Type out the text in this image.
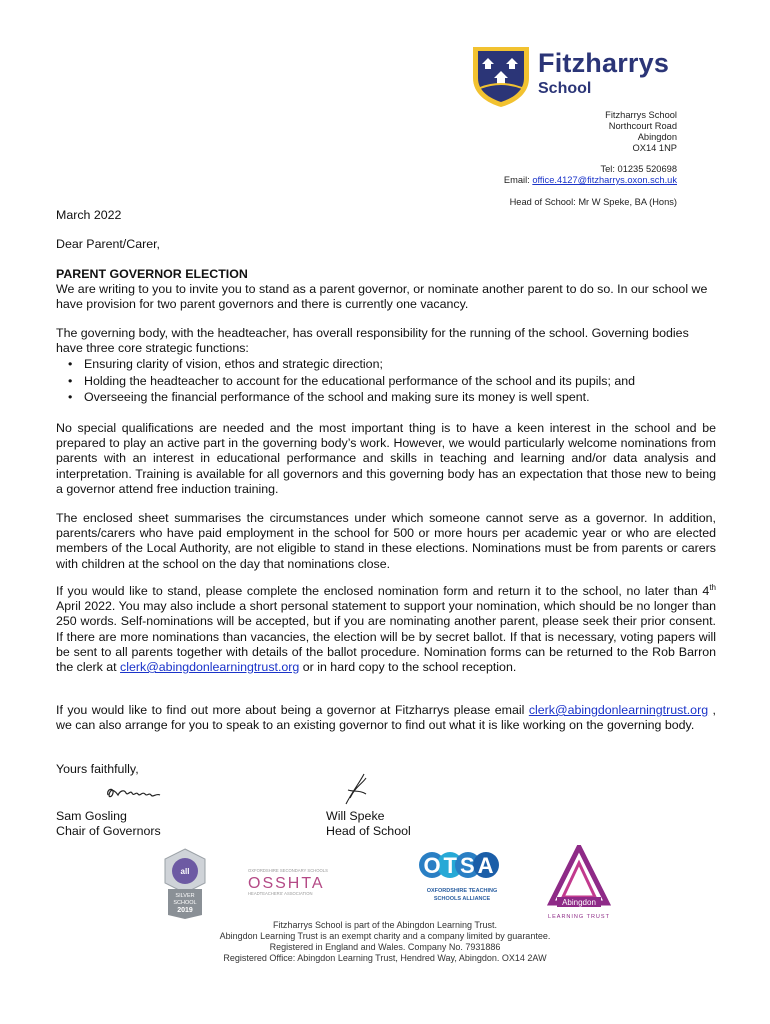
Fitzharrys
School
Fitzharrys School
Northcourt Road
Abingdon
OX14 1NP
Tel: 01235 520698
Email: office.4127@fitzharrys.oxon.sch.uk
Head of School: Mr W Speke, BA (Hons)
March 2022
Dear Parent/Carer,
PARENT GOVERNOR ELECTION
We are writing to you to invite you to stand as a parent governor, or nominate another parent to do so. In our school we have provision for two parent governors and there is currently one vacancy.
The governing body, with the headteacher, has overall responsibility for the running of the school. Governing bodies have three core strategic functions:
• Ensuring clarity of vision, ethos and strategic direction;
• Holding the headteacher to account for the educational performance of the school and its pupils; and
• Overseeing the financial performance of the school and making sure its money is well spent.
No special qualifications are needed and the most important thing is to have a keen interest in the school and be prepared to play an active part in the governing body’s work. However, we would particularly welcome nominations from parents with an interest in educational performance and skills in teaching and learning and/or data analysis and interpretation. Training is available for all governors and this governing body has an expectation that those new to being a governor attend free induction training.
The enclosed sheet summarises the circumstances under which someone cannot serve as a governor. In addition, parents/carers who have paid employment in the school for 500 or more hours per academic year or who are elected members of the Local Authority, are not eligible to stand in these elections. Nominations must be from parents or carers with children at the school on the day that nominations close.
If you would like to stand, please complete the enclosed nomination form and return it to the school, no later than 4th April 2022. You may also include a short personal statement to support your nomination, which should be no longer than 250 words. Self-nominations will be accepted, but if you are nominating another parent, please seek their prior consent. If there are more nominations than vacancies, the election will be by secret ballot. If that is necessary, voting papers will be sent to all parents together with details of the ballot procedure. Nomination forms can be returned to the Rob Barron the clerk at clerk@abingdonlearningtrust.org or in hard copy to the school reception.
If you would like to find out more about being a governor at Fitzharrys please email clerk@abingdonlearningtrust.org , we can also arrange for you to speak to an existing governor to find out what it is like working on the governing body.
Yours faithfully,
Sam Gosling
Chair of Governors
Will Speke
Head of School
all
SILVER
SCHOOL
2019
OXFORDSHIRE SECONDARY SCHOOLS
OSSHTA
HEADTEACHERS' ASSOCIATION
OTSA
OXFORDSHIRE TEACHING
SCHOOLS ALLIANCE	Abingdon
LEARNING TRUST
Fitzharrys School is part of the Abingdon Learning Trust.
Abingdon Learning Trust is an exempt charity and a company limited by guarantee.
Registered in England and Wales. Company No. 7931886
Registered Office: Abingdon Learning Trust, Hendred Way, Abingdon. OX14 2AW
